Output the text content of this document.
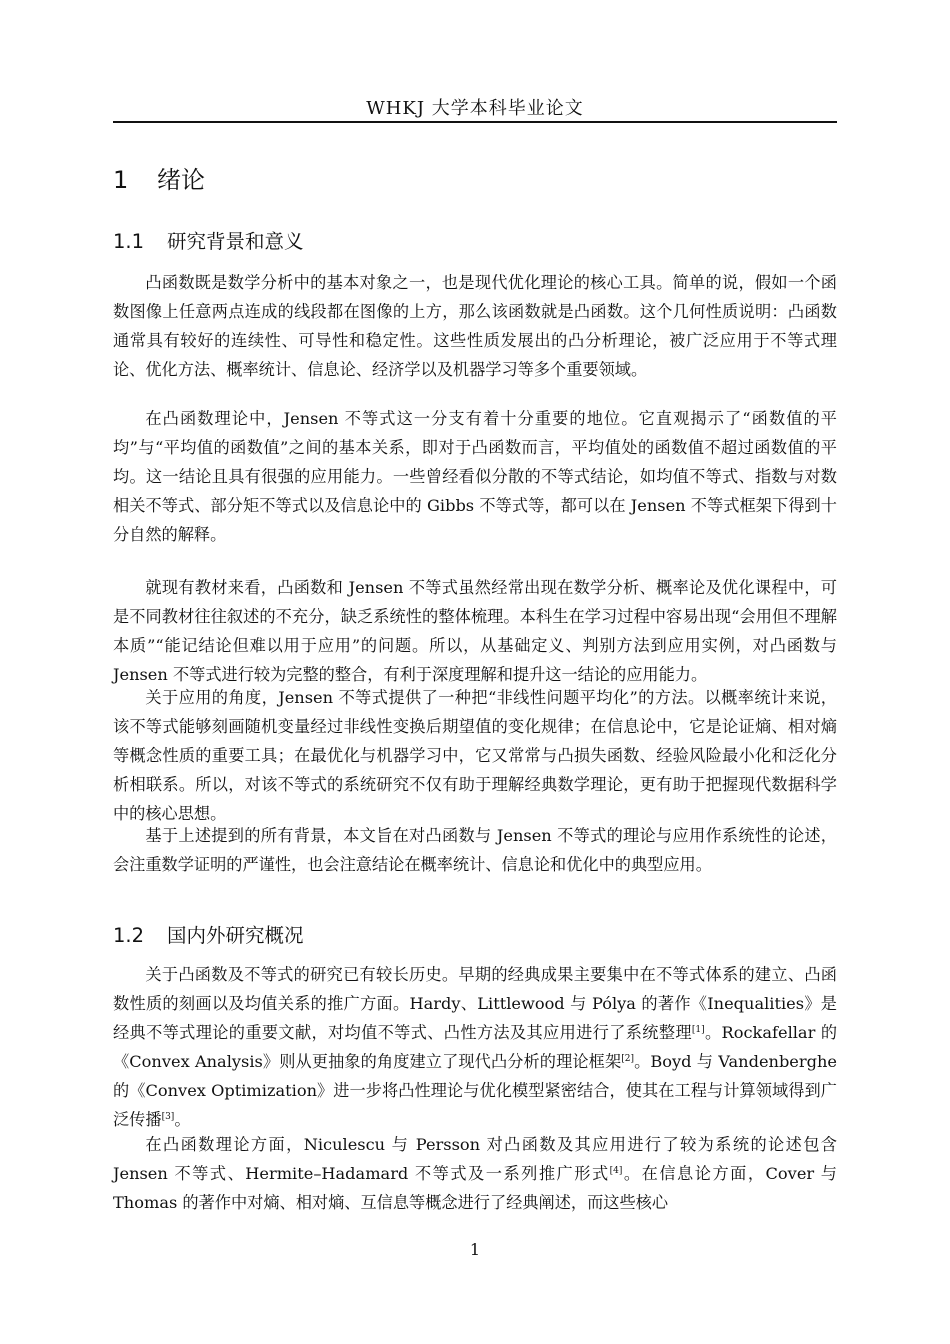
WHKJ 大学本科毕业论文
1 绪论
1.1 研究背景和意义

凸函数既是数学分析中的基本对象之一，也是现代优化理论的核心工具。简单的说，假如一个函数图像上任意两点连成的线段都在图像的上方，那么该函数就是凸函数。这个几何性质说明：凸函数通常具有较好的连续性、可导性和稳定性。这些性质发展出的凸分析理论，被广泛应用于不等式理论、优化方法、概率统计、信息论、经济学以及机器学习等多个重要领域。

在凸函数理论中，Jensen 不等式这一分支有着十分重要的地位。它直观揭示了“函数值的平均”与“平均值的函数值”之间的基本关系，即对于凸函数而言，平均值处的函数值不超过函数值的平均。这一结论且具有很强的应用能力。一些曾经看似分散的不等式结论，如均值不等式、指数与对数相关不等式、部分矩不等式以及信息论中的 Gibbs 不等式等，都可以在 Jensen 不等式框架下得到十分自然的解释。

就现有教材来看，凸函数和 Jensen 不等式虽然经常出现在数学分析、概率论及优化课程中，可是不同教材往往叙述的不充分，缺乏系统性的整体梳理。本科生在学习过程中容易出现“会用但不理解本质”“能记结论但难以用于应用”的问题。所以，从基础定义、判别方法到应用实例，对凸函数与 Jensen 不等式进行较为完整的整合，有利于深度理解和提升这一结论的应用能力。

关于应用的角度，Jensen 不等式提供了一种把“非线性问题平均化”的方法。以概率统计来说，该不等式能够刻画随机变量经过非线性变换后期望值的变化规律；在信息论中，它是论证熵、相对熵等概念性质的重要工具；在最优化与机器学习中，它又常常与凸损失函数、经验风险最小化和泛化分析相联系。所以，对该不等式的系统研究不仅有助于理解经典数学理论，更有助于把握现代数据科学中的核心思想。

基于上述提到的所有背景，本文旨在对凸函数与 Jensen 不等式的理论与应用作系统性的论述，会注重数学证明的严谨性，也会注意结论在概率统计、信息论和优化中的典型应用。

1.2 国内外研究概况

关于凸函数及不等式的研究已有较长历史。早期的经典成果主要集中在不等式体系的建立、凸函数性质的刻画以及均值关系的推广方面。Hardy、Littlewood 与 Pólya 的著作《Inequalities》是经典不等式理论的重要文献，对均值不等式、凸性方法及其应用进行了系统整理[1]。Rockafellar 的《Convex Analysis》则从更抽象的角度建立了现代凸分析的理论框架[2]。Boyd 与 Vandenberghe 的《Convex Optimization》进一步将凸性理论与优化模型紧密结合，使其在工程与计算领域得到广泛传播[3]。

在凸函数理论方面，Niculescu 与 Persson 对凸函数及其应用进行了较为系统的论述包含 Jensen 不等式、Hermite–Hadamard 不等式及一系列推广形式[4]。在信息论方面，Cover 与 Thomas 的著作中对熵、相对熵、互信息等概念进行了经典阐述，而这些核心

1
